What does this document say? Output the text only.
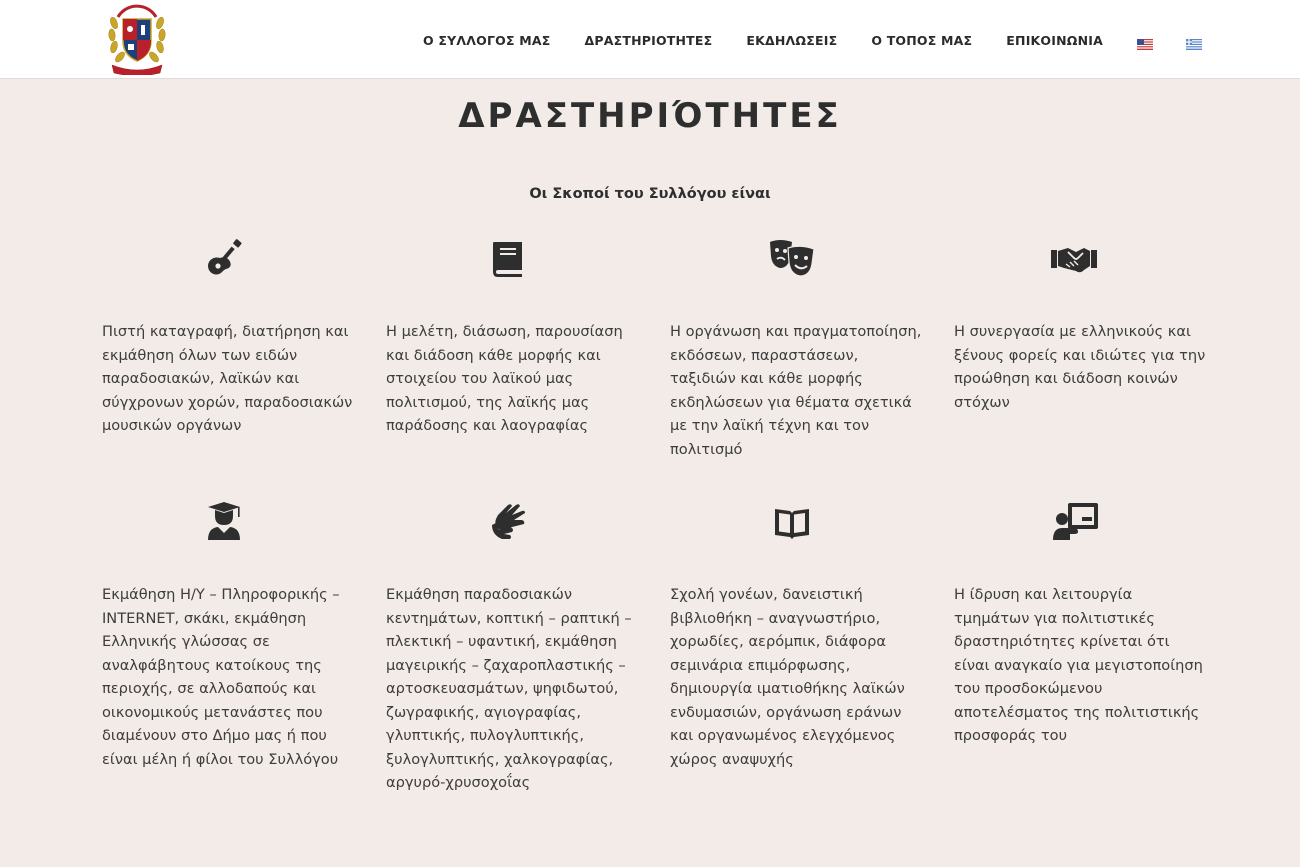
Ο ΣΥΛΛΟΓΟΣ ΜΑΣ	ΔΡΑΣΤΗΡΙΟΤΗΤΕΣ	ΕΚΔΗΛΩΣΕΙΣ	Ο ΤΟΠΟΣ ΜΑΣ	ΕΠΙΚΟΙΝΩΝΙΑ
ΔΡΑΣΤΗΡΙΌΤΗΤΕΣ
Οι Σκοποί του Συλλόγου είναι
Πιστή καταγραφή, διατήρηση και εκμάθηση όλων των ειδών παραδοσιακών, λαϊκών και σύγχρονων χορών, παραδοσιακών μουσικών οργάνων
Η μελέτη, διάσωση, παρουσίαση και διάδοση κάθε μορφής και στοιχείου του λαϊκού μας πολιτισμού, της λαϊκής μας παράδοσης και λαογραφίας
Η οργάνωση και πραγματοποίηση, εκδόσεων, παραστάσεων, ταξιδιών και κάθε μορφής εκδηλώσεων για θέματα σχετικά με την λαϊκή τέχνη και τον πολιτισμό
Η συνεργασία με ελληνικούς και ξένους φορείς και ιδιώτες για την προώθηση και διάδοση κοινών στόχων
Εκμάθηση Η/Υ – Πληροφορικής – INTERNET, σκάκι, εκμάθηση Ελληνικής γλώσσας σε αναλφάβητους κατοίκους της περιοχής, σε αλλοδαπούς και οικονομικούς μετανάστες που διαμένουν στο Δήμο μας ή που είναι μέλη ή φίλοι του Συλλόγου
Εκμάθηση παραδοσιακών κεντημάτων, κοπτική – ραπτική – πλεκτική – υφαντική, εκμάθηση μαγειρικής – ζαχαροπλαστικής – αρτοσκευασμάτων, ψηφιδωτού, ζωγραφικής, αγιογραφίας, γλυπτικής, πυλογλυπτικής, ξυλογλυπτικής, χαλκογραφίας, αργυρό-χρυσοχοΐας
Σχολή γονέων, δανειστική βιβλιοθήκη – αναγνωστήριο, χορωδίες, αερόμπικ, διάφορα σεμινάρια επιμόρφωσης, δημιουργία ιματιοθήκης λαϊκών ενδυμασιών, οργάνωση εράνων και οργανωμένος ελεγχόμενος χώρος αναψυχής
Η ίδρυση και λειτουργία τμημάτων για πολιτιστικές δραστηριότητες κρίνεται ότι είναι αναγκαίο για μεγιστοποίηση του προσδοκώμενου αποτελέσματος της πολιτιστικής προσφοράς του
